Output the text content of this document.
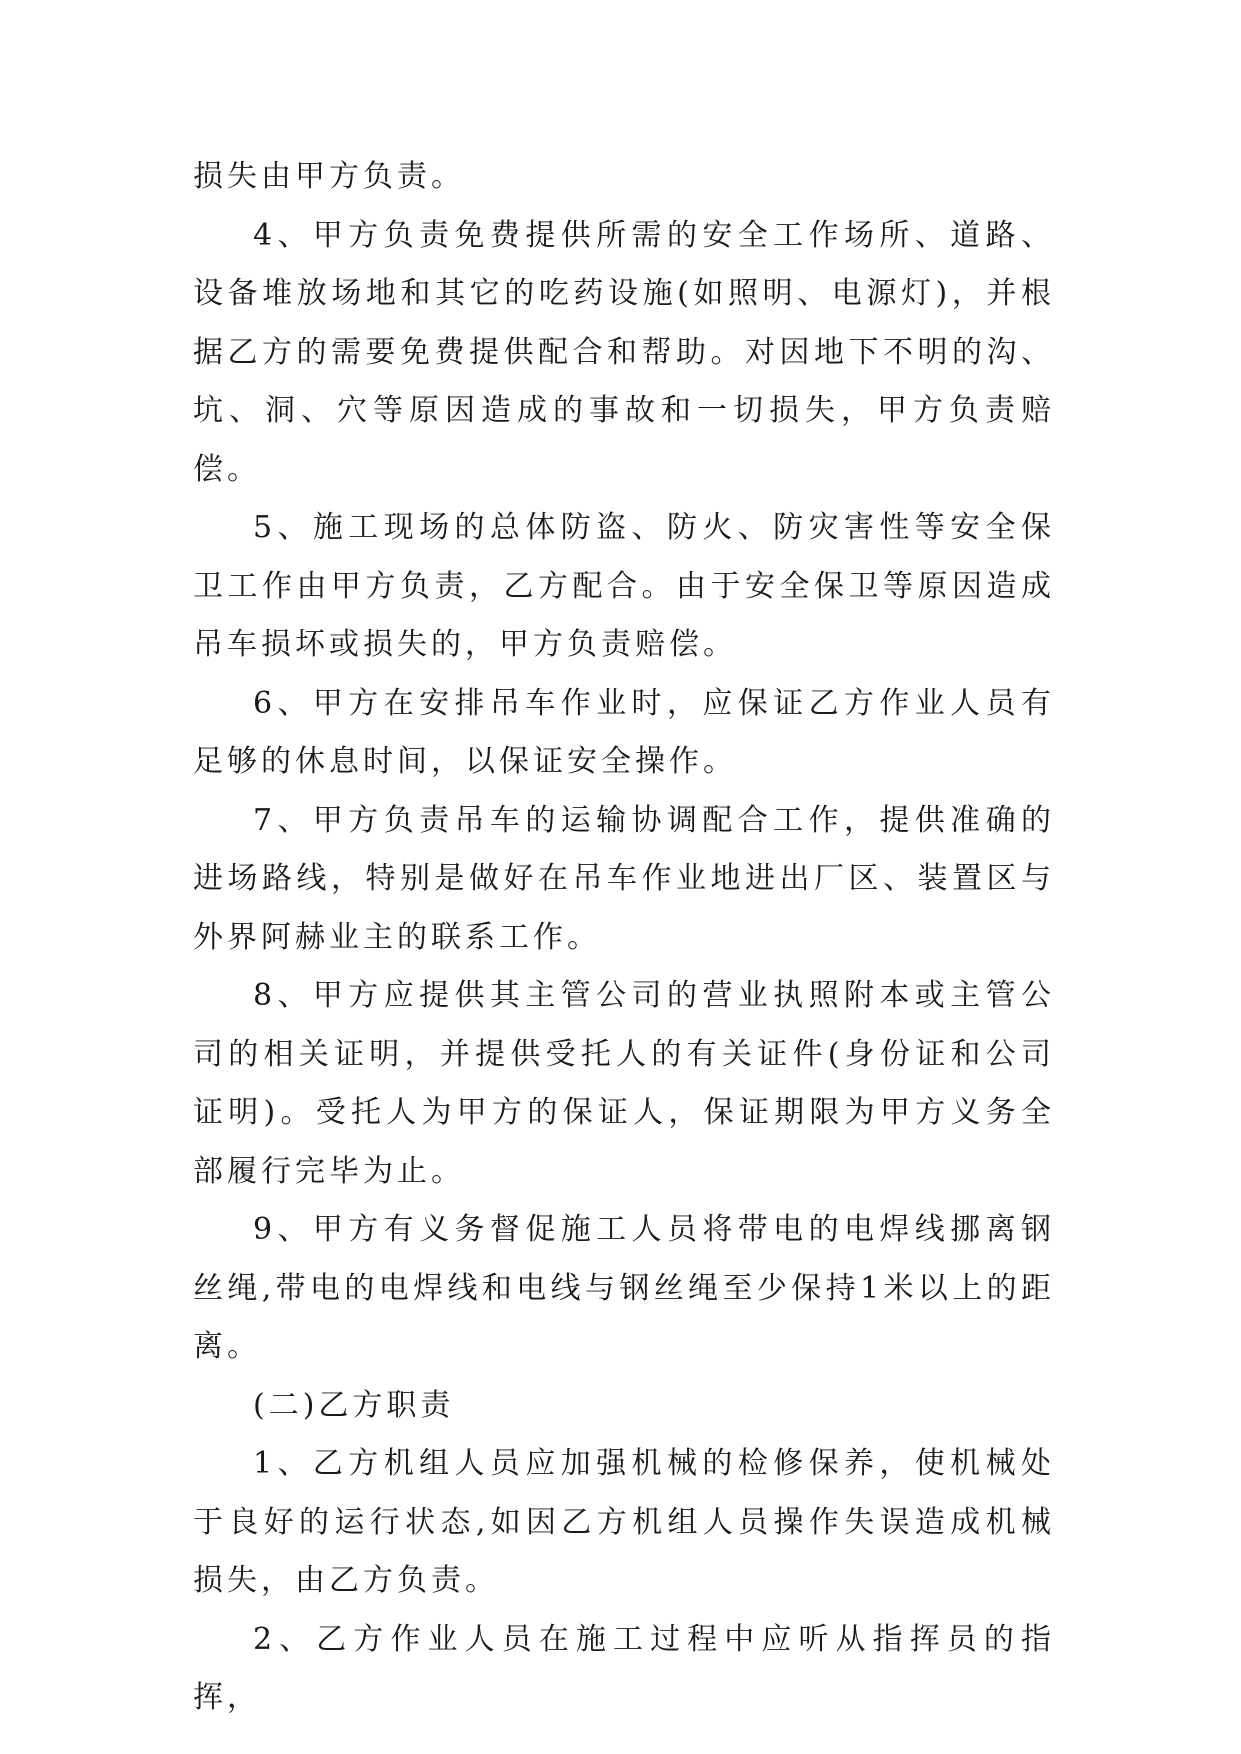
损失由甲方负责。

4、甲方负责免费提供所需的安全工作场所、道路、设备堆放场地和其它的吃药设施(如照明、电源灯)，并根据乙方的需要免费提供配合和帮助。对因地下不明的沟、坑、洞、穴等原因造成的事故和一切损失，甲方负责赔偿。

5、施工现场的总体防盗、防火、防灾害性等安全保卫工作由甲方负责，乙方配合。由于安全保卫等原因造成吊车损坏或损失的，甲方负责赔偿。

6、甲方在安排吊车作业时，应保证乙方作业人员有足够的休息时间，以保证安全操作。

7、甲方负责吊车的运输协调配合工作，提供准确的进场路线，特别是做好在吊车作业地进出厂区、装置区与外界阿赫业主的联系工作。

8、甲方应提供其主管公司的营业执照附本或主管公司的相关证明，并提供受托人的有关证件(身份证和公司证明)。受托人为甲方的保证人，保证期限为甲方义务全部履行完毕为止。

9、甲方有义务督促施工人员将带电的电焊线挪离钢丝绳,带电的电焊线和电线与钢丝绳至少保持1米以上的距离。

(二)乙方职责

1、乙方机组人员应加强机械的检修保养，使机械处于良好的运行状态,如因乙方机组人员操作失误造成机械损失，由乙方负责。

2、乙方作业人员在施工过程中应听从指挥员的指挥，
